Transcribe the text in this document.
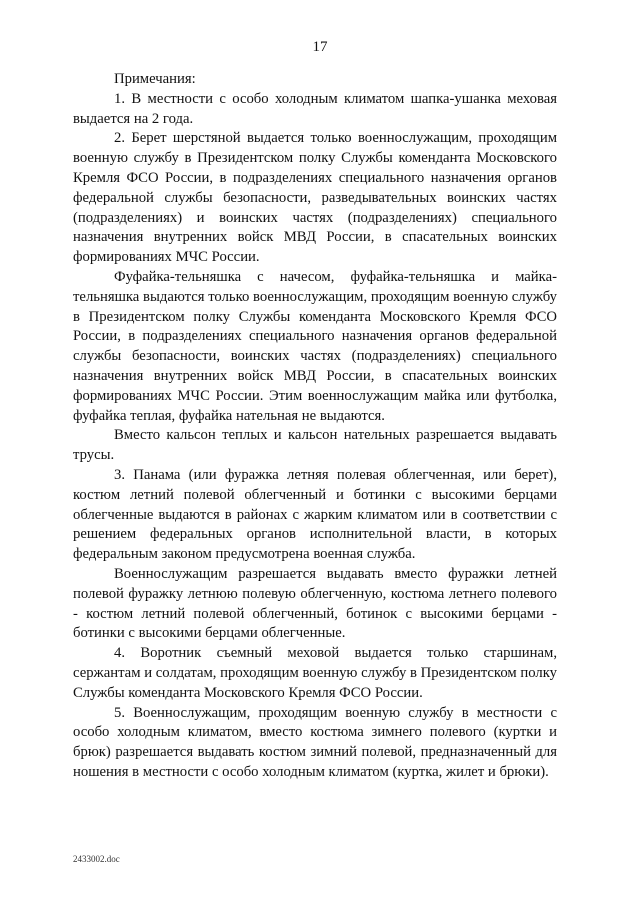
17

Примечания:

1. В местности с особо холодным климатом шапка-ушанка меховая выдается на 2 года.

2. Берет шерстяной выдается только военнослужащим, проходящим военную службу в Президентском полку Службы коменданта Московского Кремля ФСО России, в подразделениях специального назначения органов федеральной службы безопасности, разведывательных воинских частях (подразделениях) и воинских частях (подразделениях) специального назначения внутренних войск МВД России, в спасательных воинских формированиях МЧС России.

Фуфайка-тельняшка с начесом, фуфайка-тельняшка и майка-тельняшка выдаются только военнослужащим, проходящим военную службу в Президентском полку Службы коменданта Московского Кремля ФСО России, в подразделениях специального назначения органов федеральной службы безопасности, воинских частях (подразделениях) специального назначения внутренних войск МВД России, в спасательных воинских формированиях МЧС России. Этим военнослужащим майка или футболка, фуфайка теплая, фуфайка нательная не выдаются.

Вместо кальсон теплых и кальсон нательных разрешается выдавать трусы.

3. Панама (или фуражка летняя полевая облегченная, или берет), костюм летний полевой облегченный и ботинки с высокими берцами облегченные выдаются в районах с жарким климатом или в соответствии с решением федеральных органов исполнительной власти, в которых федеральным законом предусмотрена военная служба.

Военнослужащим разрешается выдавать вместо фуражки летней полевой фуражку летнюю полевую облегченную, костюма летнего полевого - костюм летний полевой облегченный, ботинок с высокими берцами - ботинки с высокими берцами облегченные.

4. Воротник съемный меховой выдается только старшинам, сержантам и солдатам, проходящим военную службу в Президентском полку Службы коменданта Московского Кремля ФСО России.

5. Военнослужащим, проходящим военную службу в местности с особо холодным климатом, вместо костюма зимнего полевого (куртки и брюк) разрешается выдавать костюм зимний полевой, предназначенный для ношения в местности с особо холодным климатом (куртка, жилет и брюки).

2433002.doc
